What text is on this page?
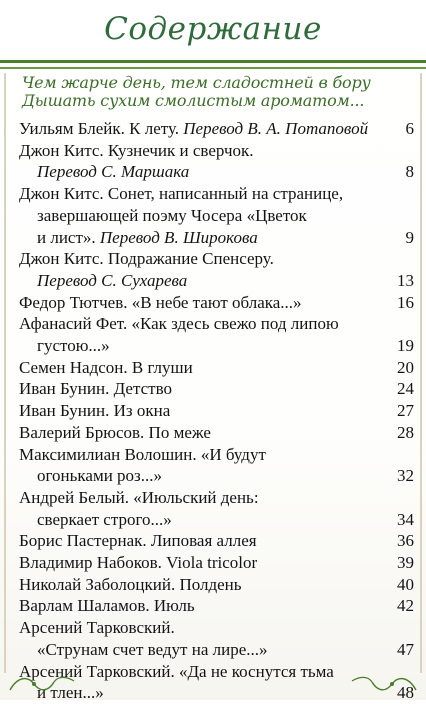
Содержание
Чем жарче день, тем сладостней в бору
Дышать сухим смолистым ароматом...
Уильям Блейк. К лету. Перевод В. А. Потаповой 6
Джон Китс. Кузнечик и сверчок.
Перевод С. Маршака	8
Джон Китс. Сонет, написанный на странице,
завершающей поэму Чосера «Цветок
и лист». Перевод В. Широкова	9
Джон Китс. Подражание Спенсеру.
Перевод С. Сухарева	13
Федор Тютчев. «В небе тают облака...»	16
Афанасий Фет. «Как здесь свежо под липою
густою...»	19
Семен Надсон. В глуши	20
Иван Бунин. Детство	24
Иван Бунин. Из окна	27
Валерий Брюсов. По меже	28
Максимилиан Волошин. «И будут
огоньками роз...»	32
Андрей Белый. «Июльский день:
сверкает строго...»	34
Борис Пастернак. Липовая аллея	36
Владимир Набоков. Viola tricolor	39
Николай Заболоцкий. Полдень	40
Варлам Шаламов. Июль	42
Арсений Тарковский.
«Струнам счет ведут на лире...»	47
Арсений Тарковский. «Да не коснутся тьма
и тлен...»	48
